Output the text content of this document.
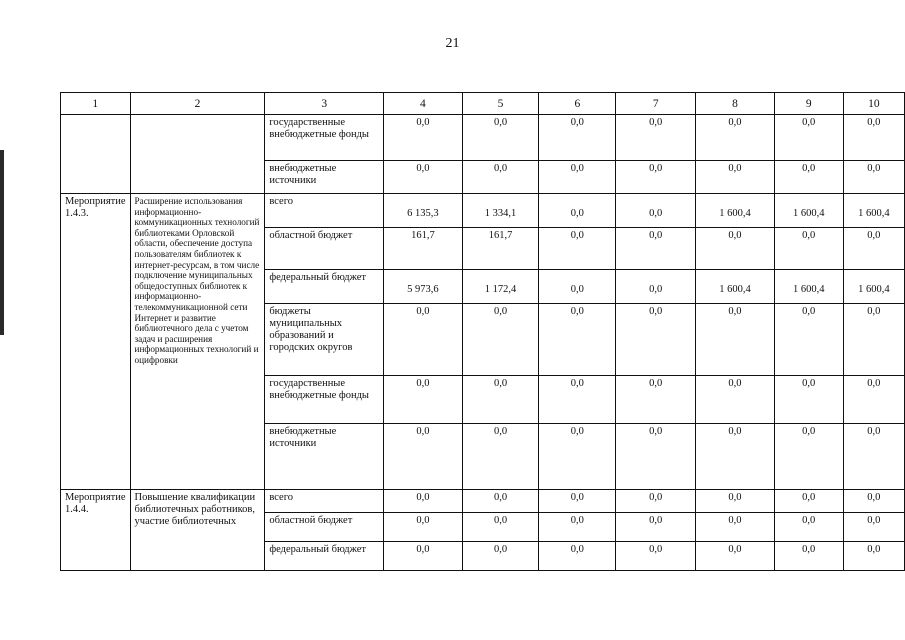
21
1	2	3	4	5	6	7	8	9	10
		государственные внебюджетные фонды	0,0	0,0	0,0	0,0	0,0	0,0	0,0
		внебюджетные источники	0,0	0,0	0,0	0,0	0,0	0,0	0,0
Мероприятие 1.4.3.	Расширение использования информационно-коммуникационных технологий библиотеками Орловской области, обеспечение доступа пользователям библиотек к интернет-ресурсам, в том числе подключение муниципальных общедоступных библиотек к информационно-телекоммуникационной сети Интернет и развитие библиотечного дела с учетом задач и расширения информационных технологий и оцифровки	всего	6 135,3	1 334,1	0,0	0,0	1 600,4	1 600,4	1 600,4
		областной бюджет	161,7	161,7	0,0	0,0	0,0	0,0	0,0
		федеральный бюджет	5 973,6	1 172,4	0,0	0,0	1 600,4	1 600,4	1 600,4
		бюджеты муниципальных образований и городских округов	0,0	0,0	0,0	0,0	0,0	0,0	0,0
		государственные внебюджетные фонды	0,0	0,0	0,0	0,0	0,0	0,0	0,0
		внебюджетные источники	0,0	0,0	0,0	0,0	0,0	0,0	0,0
Мероприятие 1.4.4.	Повышение квалификации библиотечных работников, участие библиотечных	всего	0,0	0,0	0,0	0,0	0,0	0,0	0,0
		областной бюджет	0,0	0,0	0,0	0,0	0,0	0,0	0,0
		федеральный бюджет	0,0	0,0	0,0	0,0	0,0	0,0	0,0
